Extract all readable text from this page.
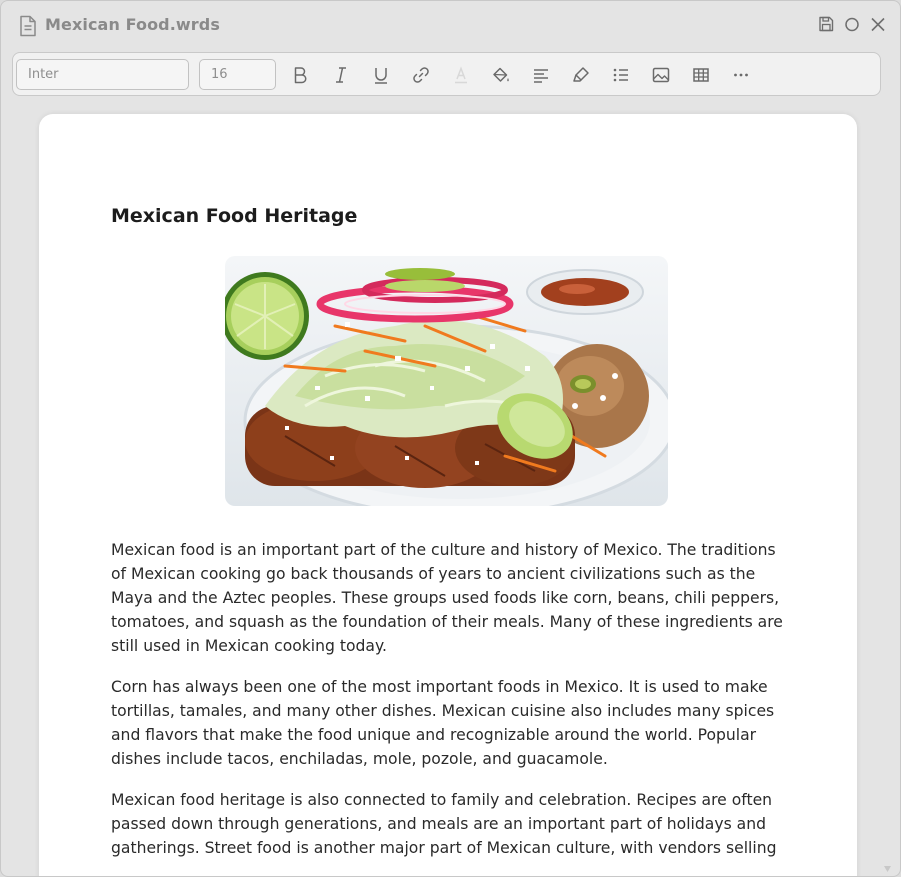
Mexican Food.wrds
Inter	16
Mexican Food Heritage

Mexican food is an important part of the culture and history of Mexico. The traditions of Mexican cooking go back thousands of years to ancient civilizations such as the Maya and the Aztec peoples. These groups used foods like corn, beans, chili peppers, tomatoes, and squash as the foundation of their meals. Many of these ingredients are still used in Mexican cooking today.

Corn has always been one of the most important foods in Mexico. It is used to make tortillas, tamales, and many other dishes. Mexican cuisine also includes many spices and flavors that make the food unique and recognizable around the world. Popular dishes include tacos, enchiladas, mole, pozole, and guacamole.

Mexican food heritage is also connected to family and celebration. Recipes are often passed down through generations, and meals are an important part of holidays and gatherings. Street food is another major part of Mexican culture, with vendors selling
